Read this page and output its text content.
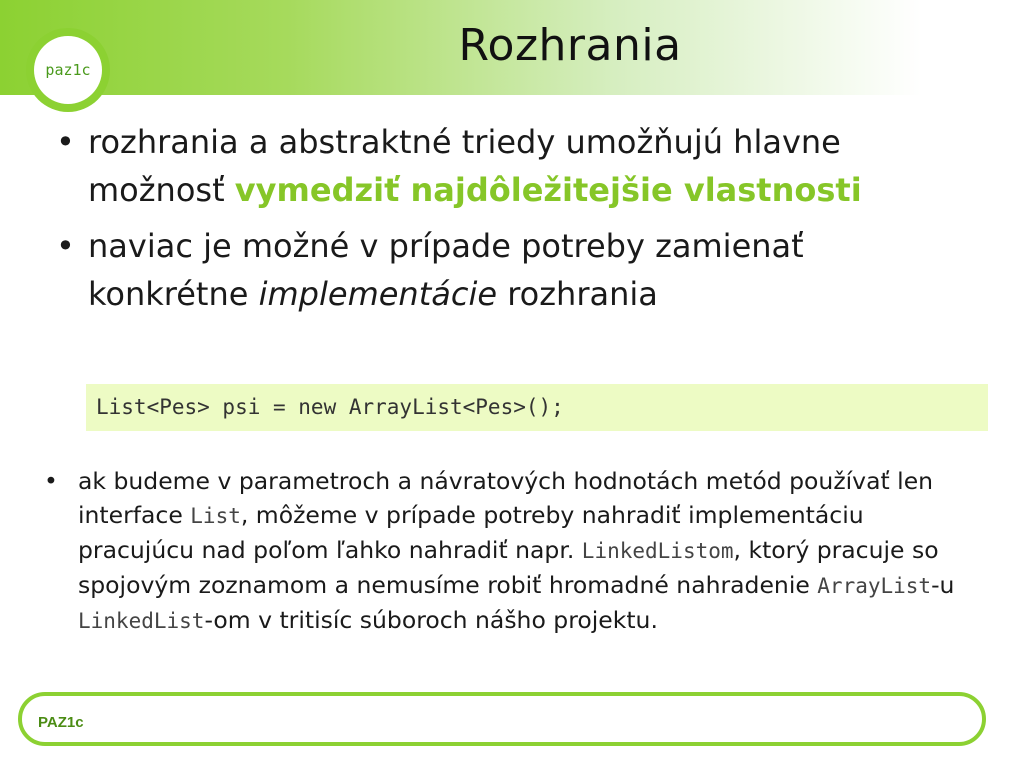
paz1c	Rozhrania
• rozhrania a abstraktné triedy umožňujú hlavne možnosť vymedziť najdôležitejšie vlastnosti
• naviac je možné v prípade potreby zamienať konkrétne implementácie rozhrania
List<Pes> psi = new ArrayList<Pes>();
• ak budeme v parametroch a návratových hodnotách metód používať len interface List, môžeme v prípade potreby nahradiť implementáciu pracujúcu nad poľom ľahko nahradiť napr. LinkedListom, ktorý pracuje so spojovým zoznamom a nemusíme robiť hromadné nahradenie ArrayList-u LinkedList-om v tritisíc súboroch nášho projektu.
PAZ1c
